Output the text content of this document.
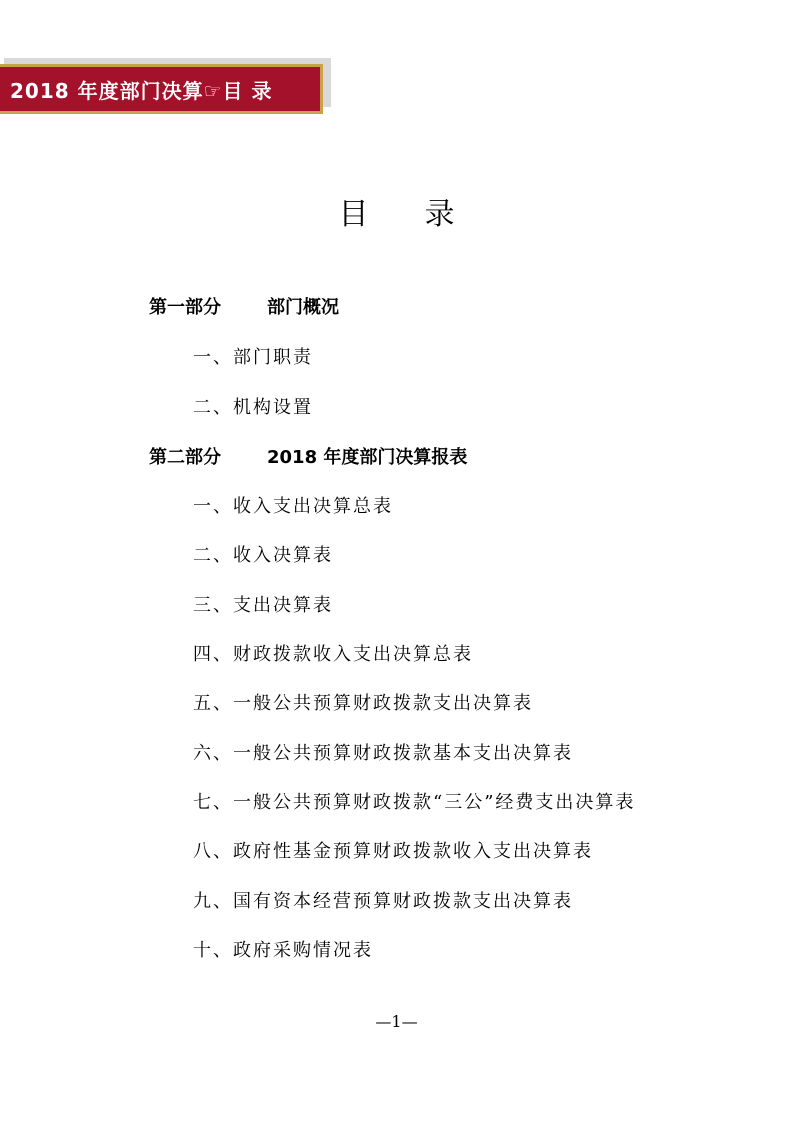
2018 年度部门决算☞目 录
目录
第一部分	部门概况
一、部门职责
二、机构设置
第二部分	2018 年度部门决算报表
一、收入支出决算总表
二、收入决算表
三、支出决算表
四、财政拨款收入支出决算总表
五、一般公共预算财政拨款支出决算表
六、一般公共预算财政拨款基本支出决算表
七、一般公共预算财政拨款“三公”经费支出决算表
八、政府性基金预算财政拨款收入支出决算表
九、国有资本经营预算财政拨款支出决算表
十、政府采购情况表
—1—
